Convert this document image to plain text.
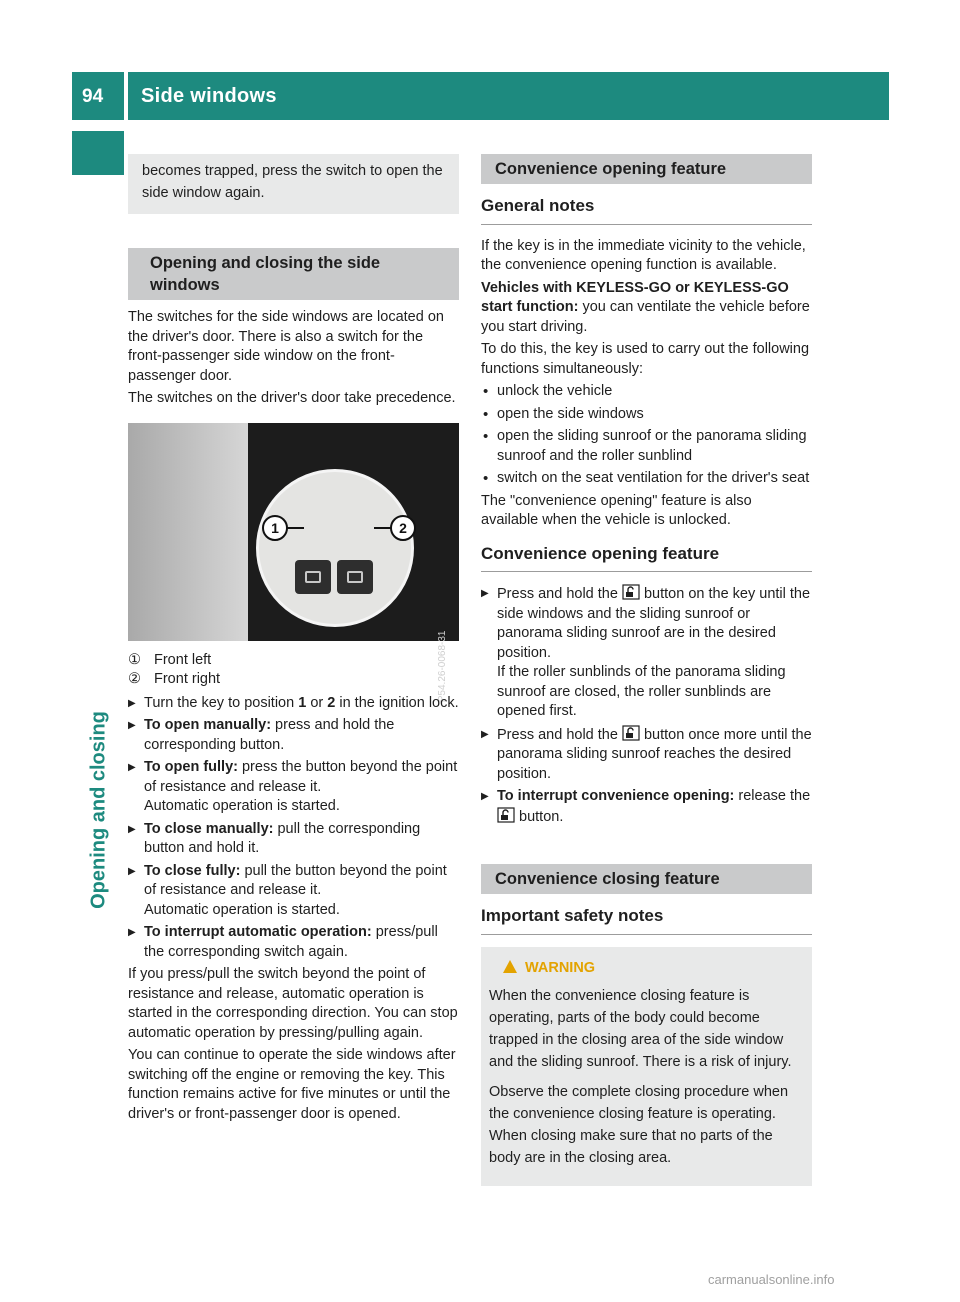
94 Side windows
Opening and closing
becomes trapped, press the switch to open the side window again.
Opening and closing the side windows

The switches for the side windows are located on the driver's door. There is also a switch for the front-passenger side window on the front-passenger door.

The switches on the driver's door take precedence.

1	2
P54.26-0068-31
① Front left
② Front right

▶ Turn the key to position 1 or 2 in the ignition lock.

▶ To open manually: press and hold the corresponding button.

▶ To open fully: press the button beyond the point of resistance and release it.
Automatic operation is started.

▶ To close manually: pull the corresponding button and hold it.

▶ To close fully: pull the button beyond the point of resistance and release it.
Automatic operation is started.

▶ To interrupt automatic operation: press/pull the corresponding switch again.

If you press/pull the switch beyond the point of resistance and release, automatic operation is started in the corresponding direction. You can stop automatic operation by pressing/pulling again.

You can continue to operate the side windows after switching off the engine or removing the key. This function remains active for five minutes or until the driver's or front-passenger door is opened.

Convenience opening feature
General notes

If the key is in the immediate vicinity to the vehicle, the convenience opening function is available.

Vehicles with KEYLESS-GO or KEYLESS-GO start function: you can ventilate the vehicle before you start driving.

To do this, the key is used to carry out the following functions simultaneously:

• unlock the vehicle

• open the side windows

• open the sliding sunroof or the panorama sliding sunroof and the roller sunblind

• switch on the seat ventilation for the driver's seat

The "convenience opening" feature is also available when the vehicle is unlocked.

Convenience opening feature

▶ Press and hold the  button on the key until the side windows and the sliding sunroof or panorama sliding sunroof are in the desired position.
If the roller sunblinds of the panorama sliding sunroof are closed, the roller sunblinds are opened first.

▶ Press and hold the  button once more until the panorama sliding sunroof reaches the desired position.

▶ To interrupt convenience opening: release the  button.

Convenience closing feature
Important safety notes
WARNING

When the convenience closing feature is operating, parts of the body could become trapped in the closing area of the side window and the sliding sunroof. There is a risk of injury.

Observe the complete closing procedure when the convenience closing feature is operating. When closing make sure that no parts of the body are in the closing area.

carmanualsonline.info
